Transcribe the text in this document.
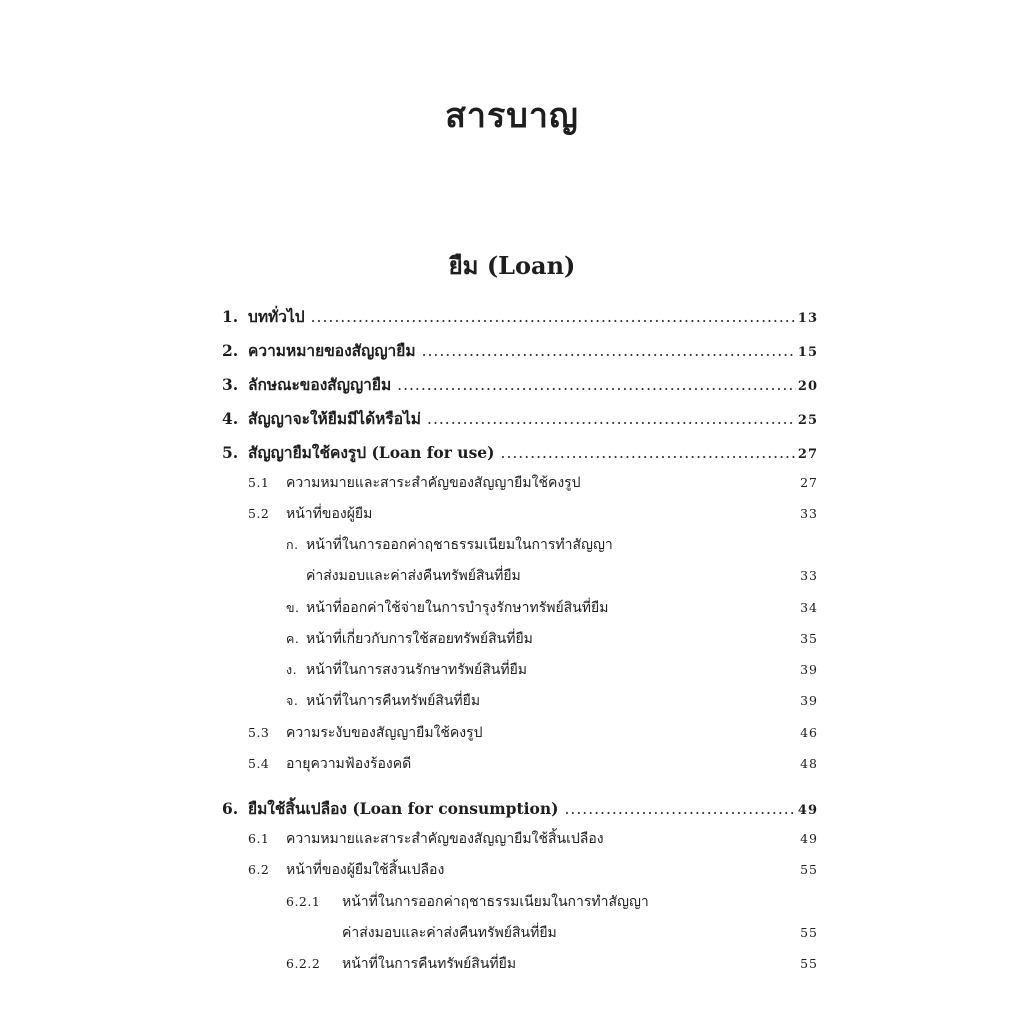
สารบาญ
ยืม (Loan)
1. บททั่วไป .....	13
2. ความหมายของสัญญายืม .....	15
3. ลักษณะของสัญญายืม .....	20
4. สัญญาจะให้ยืมมีได้หรือไม่ .....	25
5. สัญญายืมใช้คงรูป (Loan for use) .....	27
5.1	ความหมายและสาระสำคัญของสัญญายืมใช้คงรูป	27
5.2	หน้าที่ของผู้ยืม	33
ก. หน้าที่ในการออกค่าฤชาธรรมเนียมในการทำสัญญา
ค่าส่งมอบและค่าส่งคืนทรัพย์สินที่ยืม	33
ข. หน้าที่ออกค่าใช้จ่ายในการบำรุงรักษาทรัพย์สินที่ยืม	34
ค. หน้าที่เกี่ยวกับการใช้สอยทรัพย์สินที่ยืม	35
ง. หน้าที่ในการสงวนรักษาทรัพย์สินที่ยืม	39
จ. หน้าที่ในการคืนทรัพย์สินที่ยืม	39
5.3	ความระงับของสัญญายืมใช้คงรูป	46
5.4	อายุความฟ้องร้องคดี	48
6. ยืมใช้สิ้นเปลือง (Loan for consumption) .....	49
6.1	ความหมายและสาระสำคัญของสัญญายืมใช้สิ้นเปลือง	49
6.2	หน้าที่ของผู้ยืมใช้สิ้นเปลือง	55
6.2.1	หน้าที่ในการออกค่าฤชาธรรมเนียมในการทำสัญญา
ค่าส่งมอบและค่าส่งคืนทรัพย์สินที่ยืม	55
6.2.2	หน้าที่ในการคืนทรัพย์สินที่ยืม	55
